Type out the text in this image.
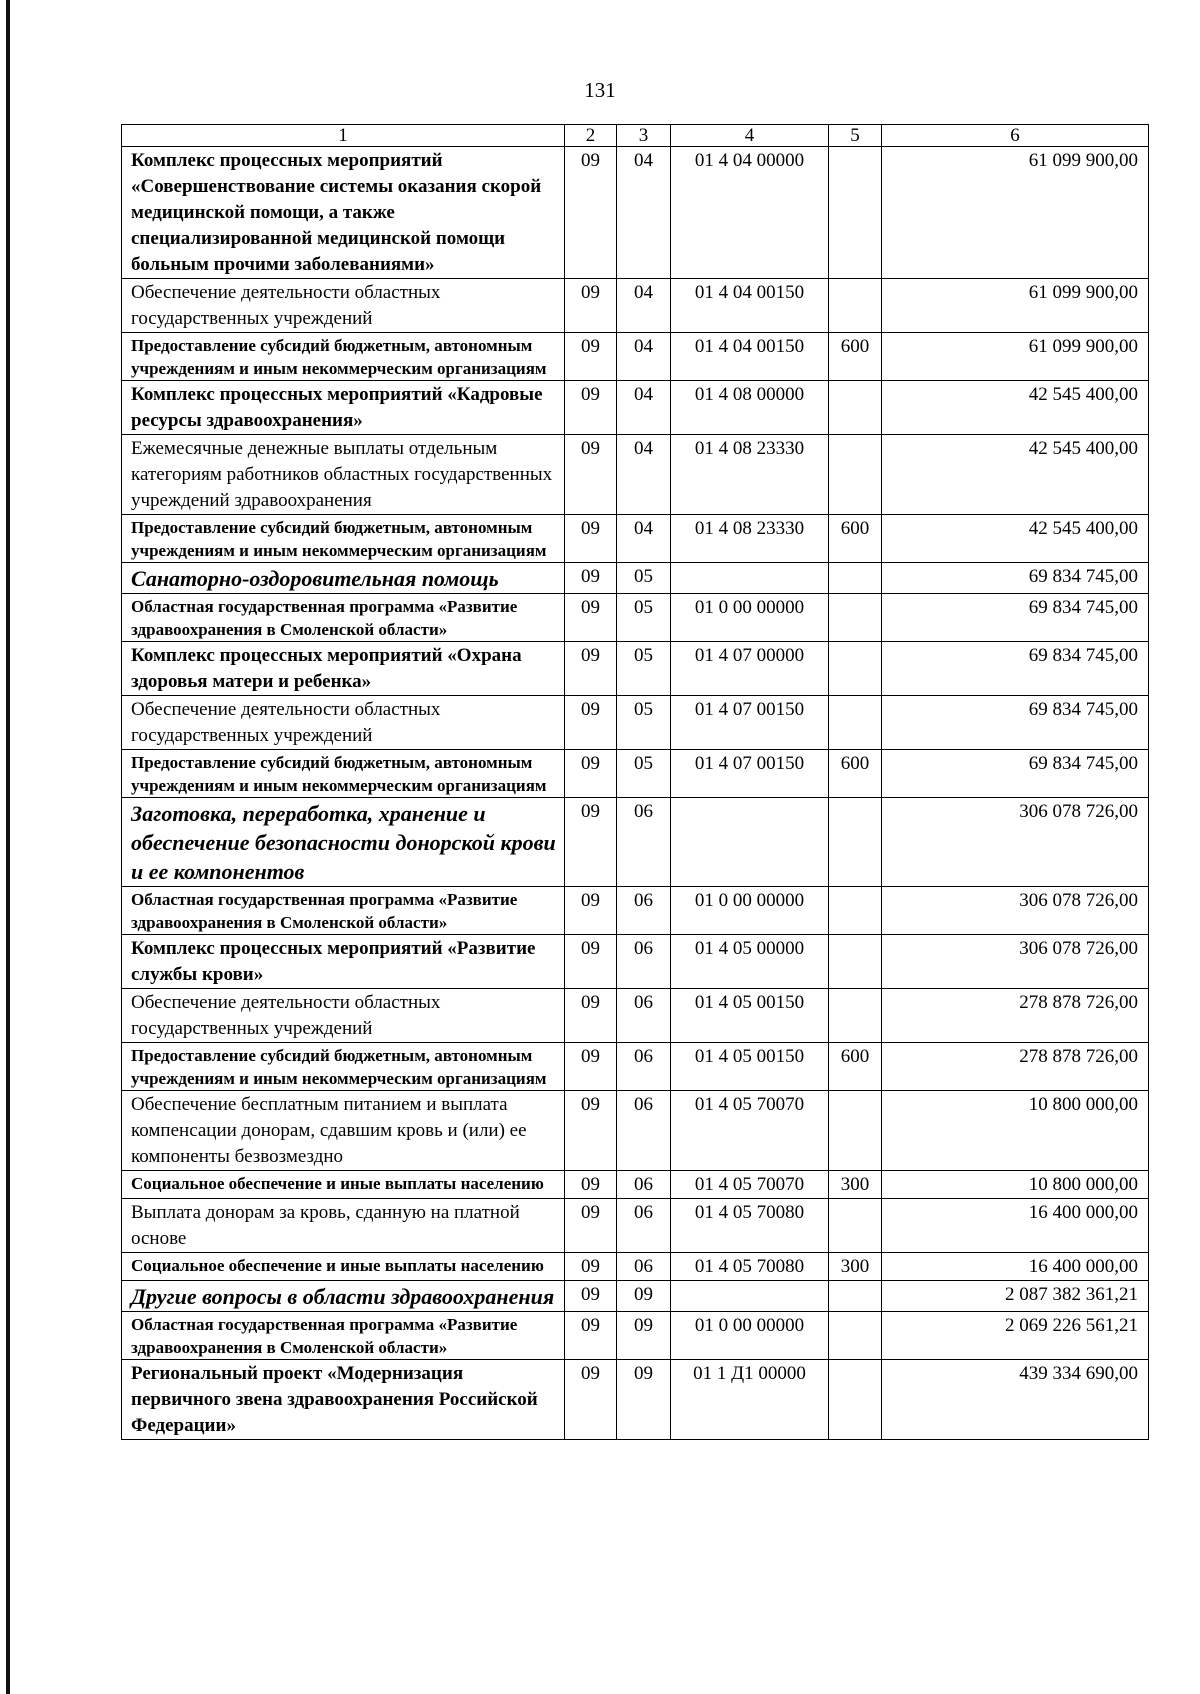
131
1	2	3	4	5	6
Комплекс процессных мероприятий «Совершенствование системы оказания скорой медицинской помощи, а также специализированной медицинской помощи больным прочими заболеваниями»	09	04	01 4 04 00000		61 099 900,00
Обеспечение деятельности областных государственных учреждений	09	04	01 4 04 00150		61 099 900,00
Предоставление субсидий бюджетным, автономным учреждениям и иным некоммерческим организациям	09	04	01 4 04 00150	600	61 099 900,00
Комплекс процессных мероприятий «Кадровые ресурсы здравоохранения»	09	04	01 4 08 00000		42 545 400,00
Ежемесячные денежные выплаты отдельным категориям работников областных государственных учреждений здравоохранения	09	04	01 4 08 23330		42 545 400,00
Предоставление субсидий бюджетным, автономным учреждениям и иным некоммерческим организациям	09	04	01 4 08 23330	600	42 545 400,00
Санаторно-оздоровительная помощь	09	05			69 834 745,00
Областная государственная программа «Развитие здравоохранения в Смоленской области»	09	05	01 0 00 00000		69 834 745,00
Комплекс процессных мероприятий «Охрана здоровья матери и ребенка»	09	05	01 4 07 00000		69 834 745,00
Обеспечение деятельности областных государственных учреждений	09	05	01 4 07 00150		69 834 745,00
Предоставление субсидий бюджетным, автономным учреждениям и иным некоммерческим организациям	09	05	01 4 07 00150	600	69 834 745,00
Заготовка, переработка, хранение и обеспечение безопасности донорской крови и ее компонентов	09	06			306 078 726,00
Областная государственная программа «Развитие здравоохранения в Смоленской области»	09	06	01 0 00 00000		306 078 726,00
Комплекс процессных мероприятий «Развитие службы крови»	09	06	01 4 05 00000		306 078 726,00
Обеспечение деятельности областных государственных учреждений	09	06	01 4 05 00150		278 878 726,00
Предоставление субсидий бюджетным, автономным учреждениям и иным некоммерческим организациям	09	06	01 4 05 00150	600	278 878 726,00
Обеспечение бесплатным питанием и выплата компенсации донорам, сдавшим кровь и (или) ее компоненты безвозмездно	09	06	01 4 05 70070		10 800 000,00
Социальное обеспечение и иные выплаты населению	09	06	01 4 05 70070	300	10 800 000,00
Выплата донорам за кровь, сданную на платной основе	09	06	01 4 05 70080		16 400 000,00
Социальное обеспечение и иные выплаты населению	09	06	01 4 05 70080	300	16 400 000,00
Другие вопросы в области здравоохранения	09	09			2 087 382 361,21
Областная государственная программа «Развитие здравоохранения в Смоленской области»	09	09	01 0 00 00000		2 069 226 561,21
Региональный проект «Модернизация первичного звена здравоохранения Российской Федерации»	09	09	01 1 Д1 00000		439 334 690,00
